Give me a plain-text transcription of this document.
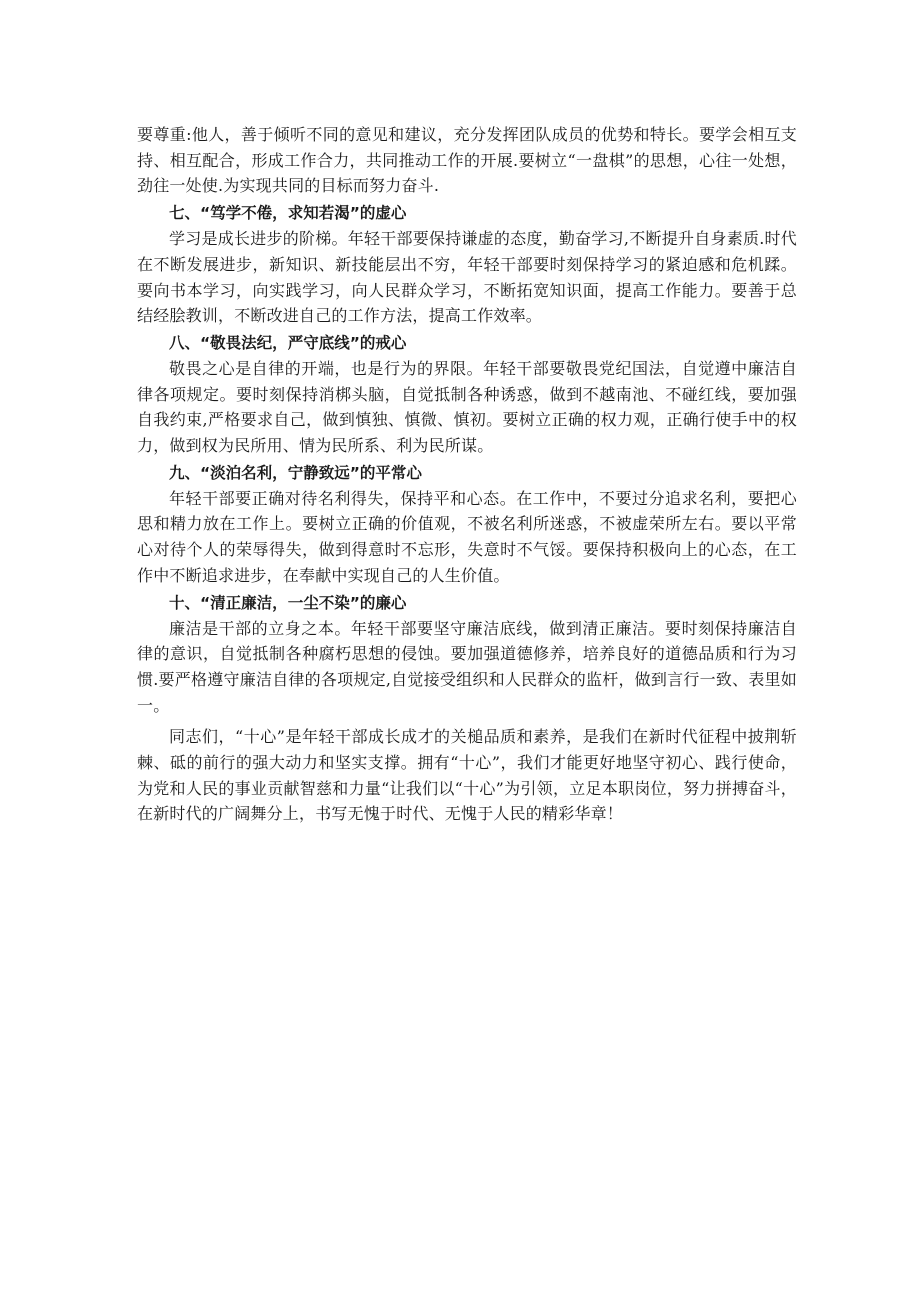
要尊重:他人，善于倾听不同的意见和建议，充分发挥团队成员的优势和特长。要学会相互支持、相互配合，形成工作合力，共同推动工作的开展.要树立“一盘棋”的思想，心往一处想，劲往一处使.为实现共同的目标而努力奋斗.

七、“笃学不倦，求知若渴”的虚心

学习是成长进步的阶梯。年轻干部要保持谦虚的态度，勤奋学习,不断提升自身素质.时代在不断发展进步，新知识、新技能层出不穷，年轻干部要时刻保持学习的紧迫感和危机蹂。要向书本学习，向实践学习，向人民群众学习，不断拓宽知识面，提高工作能力。要善于总结经脍教训，不断改进自己的工作方法，提高工作效率。

八、“敬畏法纪，严守底线”的戒心

敬畏之心是自律的开端，也是行为的界限。年轻干部要敬畏党纪国法，自觉遵中廉洁自律各项规定。要时刻保持消梆头脑，自觉抵制各种诱惑，做到不越南池、不碰红线，要加强自我约束,严格要求自己，做到慎独、慎微、慎初。要树立正确的权力观，正确行使手中的权力，做到权为民所用、情为民所系、利为民所谋。

九、“淡泊名利，宁静致远”的平常心

年轻干部要正确对待名利得失，保持平和心态。在工作中，不要过分追求名利，要把心思和精力放在工作上。要树立正确的价值观，不被名利所迷惑，不被虚荣所左右。要以平常心对待个人的荣辱得失，做到得意时不忘形，失意时不气馁。要保持积极向上的心态，在工作中不断追求进步，在奉献中实现自己的人生价值。

十、“清正廉洁，一尘不染”的廉心

廉洁是干部的立身之本。年轻干部要坚守廉洁底线，做到清正廉洁。要时刻保持廉洁自律的意识，自觉抵制各种腐朽思想的侵蚀。要加强道德修养，培养良好的道德品质和行为习惯.要严格遵守廉洁自律的各项规定,自觉接受组织和人民群众的监杆，做到言行一致、表里如一。

同志们，“十心”是年轻干部成长成才的关槌品质和素养，是我们在新时代征程中披荆斩棘、砥的前行的强大动力和坚实支撑。拥有“十心”，我们才能更好地坚守初心、践行使命，为党和人民的事业贡献智慈和力量“让我们以“十心”为引领，立足本职岗位，努力拼搏奋斗，在新时代的广阔舞分上，书写无愧于时代、无愧于人民的精彩华章！
